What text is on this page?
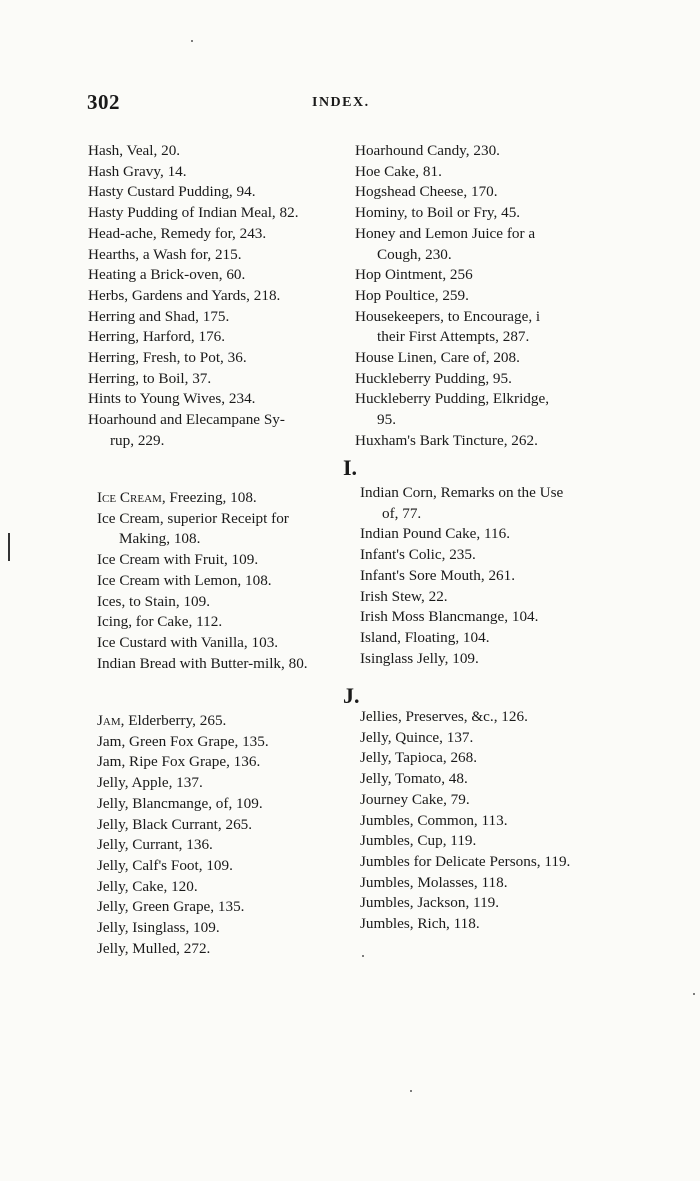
302	INDEX.
Hash, Veal, 20.
Hash Gravy, 14.
Hasty Custard Pudding, 94.
Hasty Pudding of Indian Meal, 82.
Head-ache, Remedy for, 243.
Hearths, a Wash for, 215.
Heating a Brick-oven, 60.
Herbs, Gardens and Yards, 218.
Herring and Shad, 175.
Herring, Harford, 176.
Herring, Fresh, to Pot, 36.
Herring, to Boil, 37.
Hints to Young Wives, 234.
Hoarhound and Elecampane Sy-
rup, 229.
Hoarhound Candy, 230.
Hoe Cake, 81.
Hogshead Cheese, 170.
Hominy, to Boil or Fry, 45.
Honey and Lemon Juice for a
Cough, 230.
Hop Ointment, 256
Hop Poultice, 259.
Housekeepers, to Encourage, i
their First Attempts, 287.
House Linen, Care of, 208.
Huckleberry Pudding, 95.
Huckleberry Pudding, Elkridge,
95.
Huxham's Bark Tincture, 262.
I.
Ice Cream, Freezing, 108.
Ice Cream, superior Receipt for
Making, 108.
Ice Cream with Fruit, 109.
Ice Cream with Lemon, 108.
Ices, to Stain, 109.
Icing, for Cake, 112.
Ice Custard with Vanilla, 103.
Indian Bread with Butter-milk, 80.
Indian Corn, Remarks on the Use
of, 77.
Indian Pound Cake, 116.
Infant's Colic, 235.
Infant's Sore Mouth, 261.
Irish Stew, 22.
Irish Moss Blancmange, 104.
Island, Floating, 104.
Isinglass Jelly, 109.
J.
Jam, Elderberry, 265.
Jam, Green Fox Grape, 135.
Jam, Ripe Fox Grape, 136.
Jelly, Apple, 137.
Jelly, Blancmange, of, 109.
Jelly, Black Currant, 265.
Jelly, Currant, 136.
Jelly, Calf's Foot, 109.
Jelly, Cake, 120.
Jelly, Green Grape, 135.
Jelly, Isinglass, 109.
Jelly, Mulled, 272.
Jellies, Preserves, &c., 126.
Jelly, Quince, 137.
Jelly, Tapioca, 268.
Jelly, Tomato, 48.
Journey Cake, 79.
Jumbles, Common, 113.
Jumbles, Cup, 119.
Jumbles for Delicate Persons, 119.
Jumbles, Molasses, 118.
Jumbles, Jackson, 119.
Jumbles, Rich, 118.
